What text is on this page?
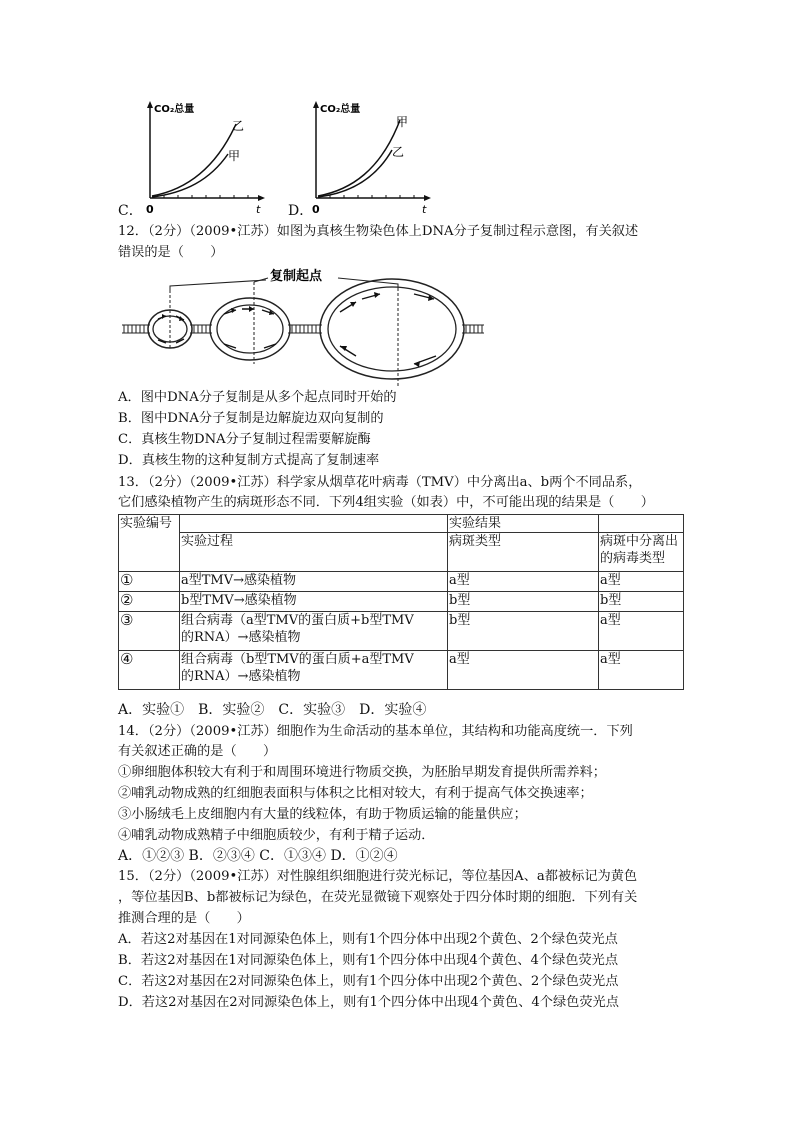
C．
CO₂总量
乙
甲
0	t D．
CO₂总量
甲
乙
0	t
12．（2分）（2009•江苏）如图为真核生物染色体上DNA分子复制过程示意图，有关叙述
错误的是（　　）
复制起点
A．图中DNA分子复制是从多个起点同时开始的
B．图中DNA分子复制是边解旋边双向复制的
C．真核生物DNA分子复制过程需要解旋酶
D．真核生物的这种复制方式提高了复制速率
13．（2分）（2009•江苏）科学家从烟草花叶病毒（TMV）中分离出a、b两个不同品系，
它们感染植物产生的病斑形态不同．下列4组实验（如表）中，不可能出现的结果是（　　）
实验编号		实验结果	
	实验过程	病斑类型	病斑中分离出
的病毒类型
①	a型TMV→感染植物	a型	a型
②	b型TMV→感染植物	b型	b型
③	组合病毒（a型TMV的蛋白质+b型TMV
的RNA）→感染植物	b型	a型
④	组合病毒（b型TMV的蛋白质+a型TMV
的RNA）→感染植物	a型	a型
A．实验①　B．实验②　C．实验③　D．实验④
14．（2分）（2009•江苏）细胞作为生命活动的基本单位，其结构和功能高度统一．下列
有关叙述正确的是（　　）
①卵细胞体积较大有利于和周围环境进行物质交换，为胚胎早期发育提供所需养料；
②哺乳动物成熟的红细胞表面积与体积之比相对较大，有利于提高气体交换速率；
③小肠绒毛上皮细胞内有大量的线粒体，有助于物质运输的能量供应；
④哺乳动物成熟精子中细胞质较少，有利于精子运动．
A．①②③ B．②③④ C．①③④ D．①②④
15．（2分）（2009•江苏）对性腺组织细胞进行荧光标记，等位基因A、a都被标记为黄色
，等位基因B、b都被标记为绿色，在荧光显微镜下观察处于四分体时期的细胞．下列有关
推测合理的是（　　）
A．若这2对基因在1对同源染色体上，则有1个四分体中出现2个黄色、2个绿色荧光点
B．若这2对基因在1对同源染色体上，则有1个四分体中出现4个黄色、4个绿色荧光点
C．若这2对基因在2对同源染色体上，则有1个四分体中出现2个黄色、2个绿色荧光点
D．若这2对基因在2对同源染色体上，则有1个四分体中出现4个黄色、4个绿色荧光点
